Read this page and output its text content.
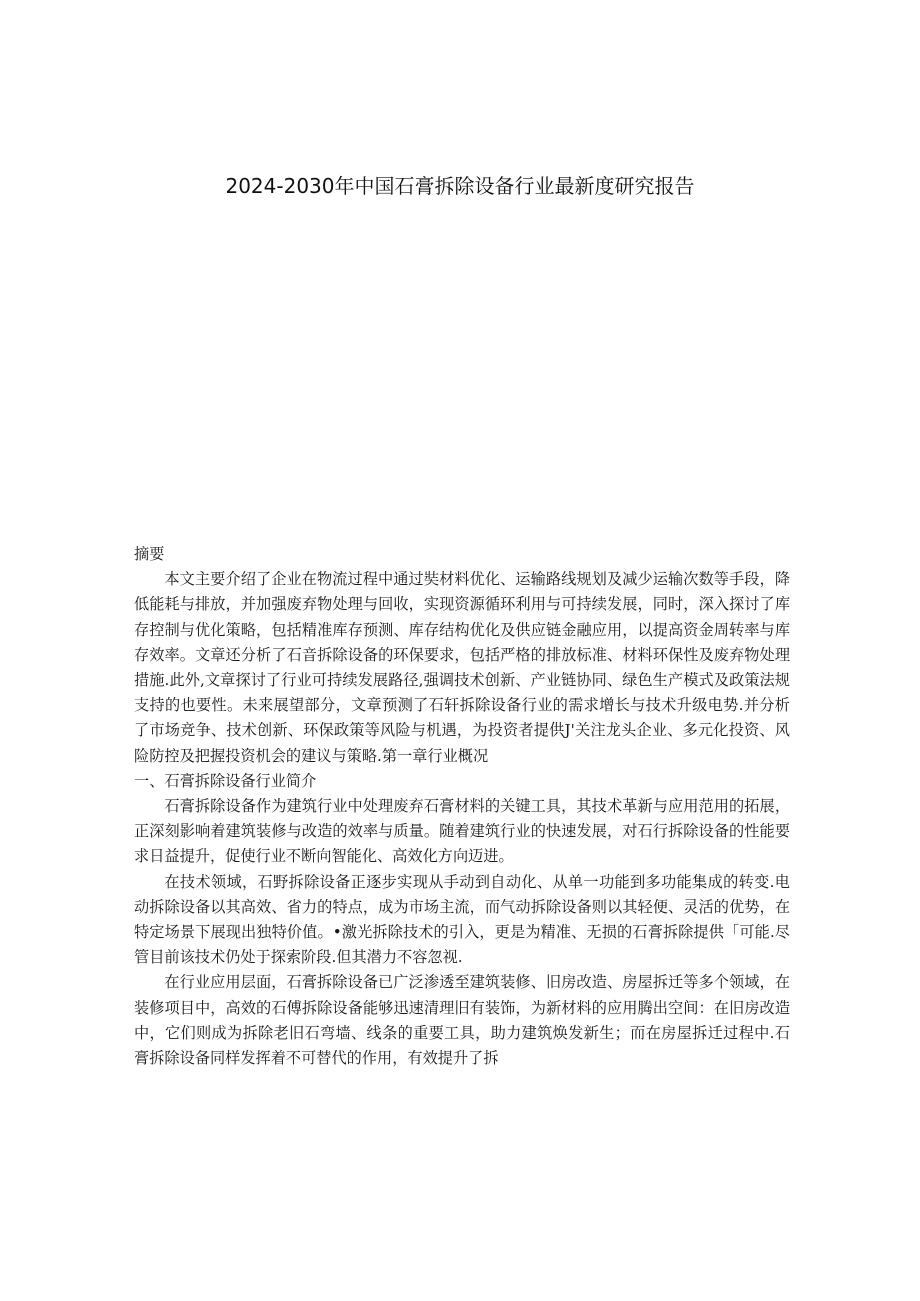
2024-2030年中国石膏拆除设备行业最新度研究报告

摘要

本文主要介绍了企业在物流过程中通过奘材料优化、运输路线规划及减少运输次数等手段，降低能耗与排放，并加强废弃物处理与回收，实现资源循环利用与可持续发展，同时，深入探讨了库存控制与优化策略，包括精准库存预测、库存结构优化及供应链金融应用，以提高资金周转率与库存效率。文章还分析了石音拆除设备的环保要求，包括严格的排放标准、材料环保性及废弃物处理措施.此外,文章探讨了行业可持续发展路径,强调技术创新、产业链协同、绿色生产模式及政策法规支持的也要性。未来展望部分，文章预测了石轩拆除设备行业的需求增长与技术升级电势.并分析了市场竞争、技术创新、环保政策等风险与机遇，为投资者提供J'关注龙头企业、多元化投资、风险防控及把握投资机会的建议与策略.第一章行业概况

一、石膏拆除设备行业简介

石膏拆除设备作为建筑行业中处理废弃石膏材料的关键工具，其技术革新与应用范用的拓展，正深刻影响着建筑装修与改造的效率与质量。随着建筑行业的快速发展，对石行拆除设备的性能要求日益提升，促使行业不断向智能化、高效化方向迈进。

在技术领域，石野拆除设备正逐步实现从手动到自动化、从单一功能到多功能集成的转变.电动拆除设备以其高效、省力的特点，成为市场主流，而气动拆除设备则以其轻便、灵活的优势，在特定场景下展现出独特价值。•激光拆除技术的引入，更是为精准、无损的石膏拆除提供「可能.尽管目前该技术仍处于探索阶段.但其潜力不容忽视.

在行业应用层面，石膏拆除设备已广泛渗透至建筑装修、旧房改造、房屋拆迁等多个领域，在装修项目中，高效的石傅拆除设备能够迅速清理旧有装饰，为新材料的应用腾出空间：在旧房改造中，它们则成为拆除老旧石弯墙、线条的重要工具，助力建筑焕发新生；而在房屋拆迁过程中.石膏拆除设备同样发挥着不可替代的作用，有效提升了拆
